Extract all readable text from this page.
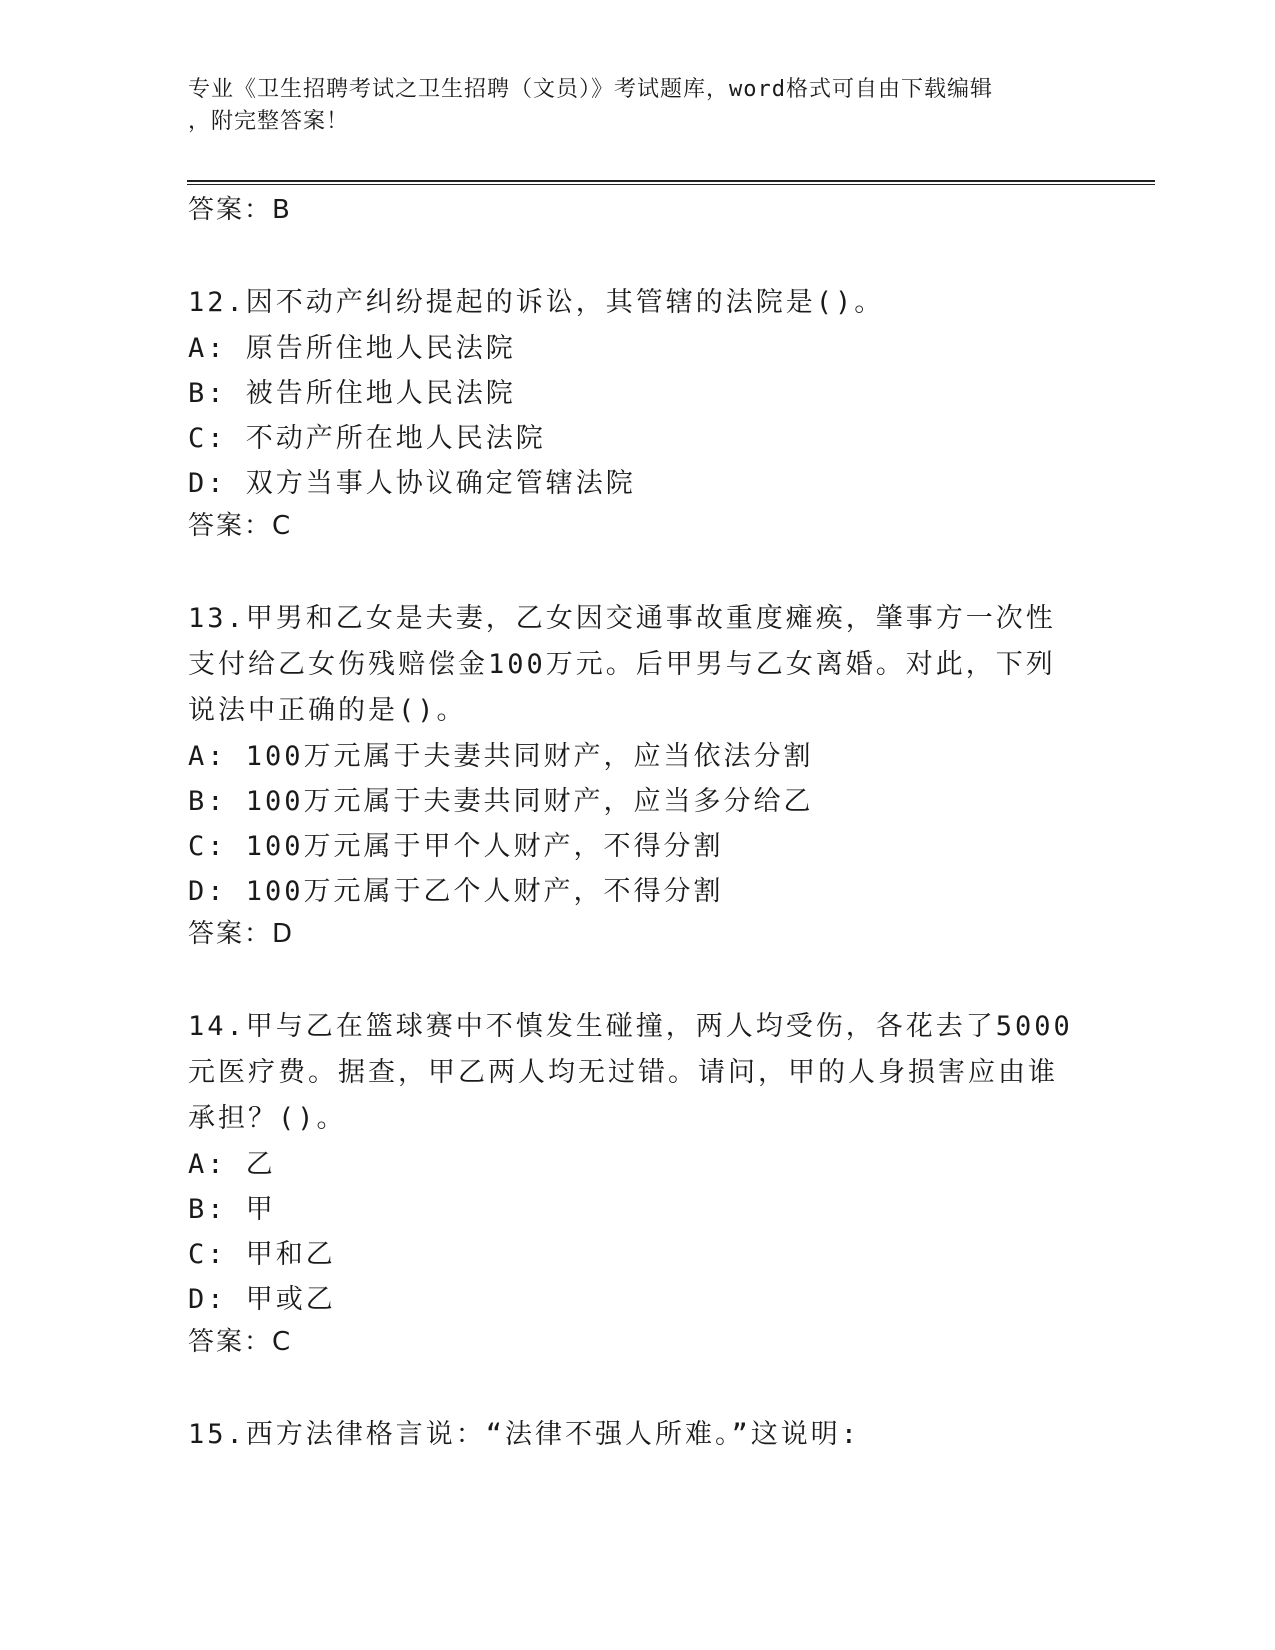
专业《卫生招聘考试之卫生招聘（文员）》考试题库，word格式可自由下载编辑
，附完整答案！
答案：B

12.因不动产纠纷提起的诉讼，其管辖的法院是()。

A: 原告所住地人民法院

B: 被告所住地人民法院

C: 不动产所在地人民法院

D: 双方当事人协议确定管辖法院

答案：C

13.甲男和乙女是夫妻，乙女因交通事故重度瘫痪，肇事方一次性支付给乙女伤残赔偿金100万元。后甲男与乙女离婚。对此，下列说法中正确的是()。

A: 100万元属于夫妻共同财产，应当依法分割

B: 100万元属于夫妻共同财产，应当多分给乙

C: 100万元属于甲个人财产，不得分割

D: 100万元属于乙个人财产，不得分割

答案：D

14.甲与乙在篮球赛中不慎发生碰撞，两人均受伤，各花去了5000元医疗费。据查，甲乙两人均无过错。请问，甲的人身损害应由谁承担？()。

A: 乙

B: 甲

C: 甲和乙

D: 甲或乙

答案：C

15.西方法律格言说：“法律不强人所难。”这说明:
